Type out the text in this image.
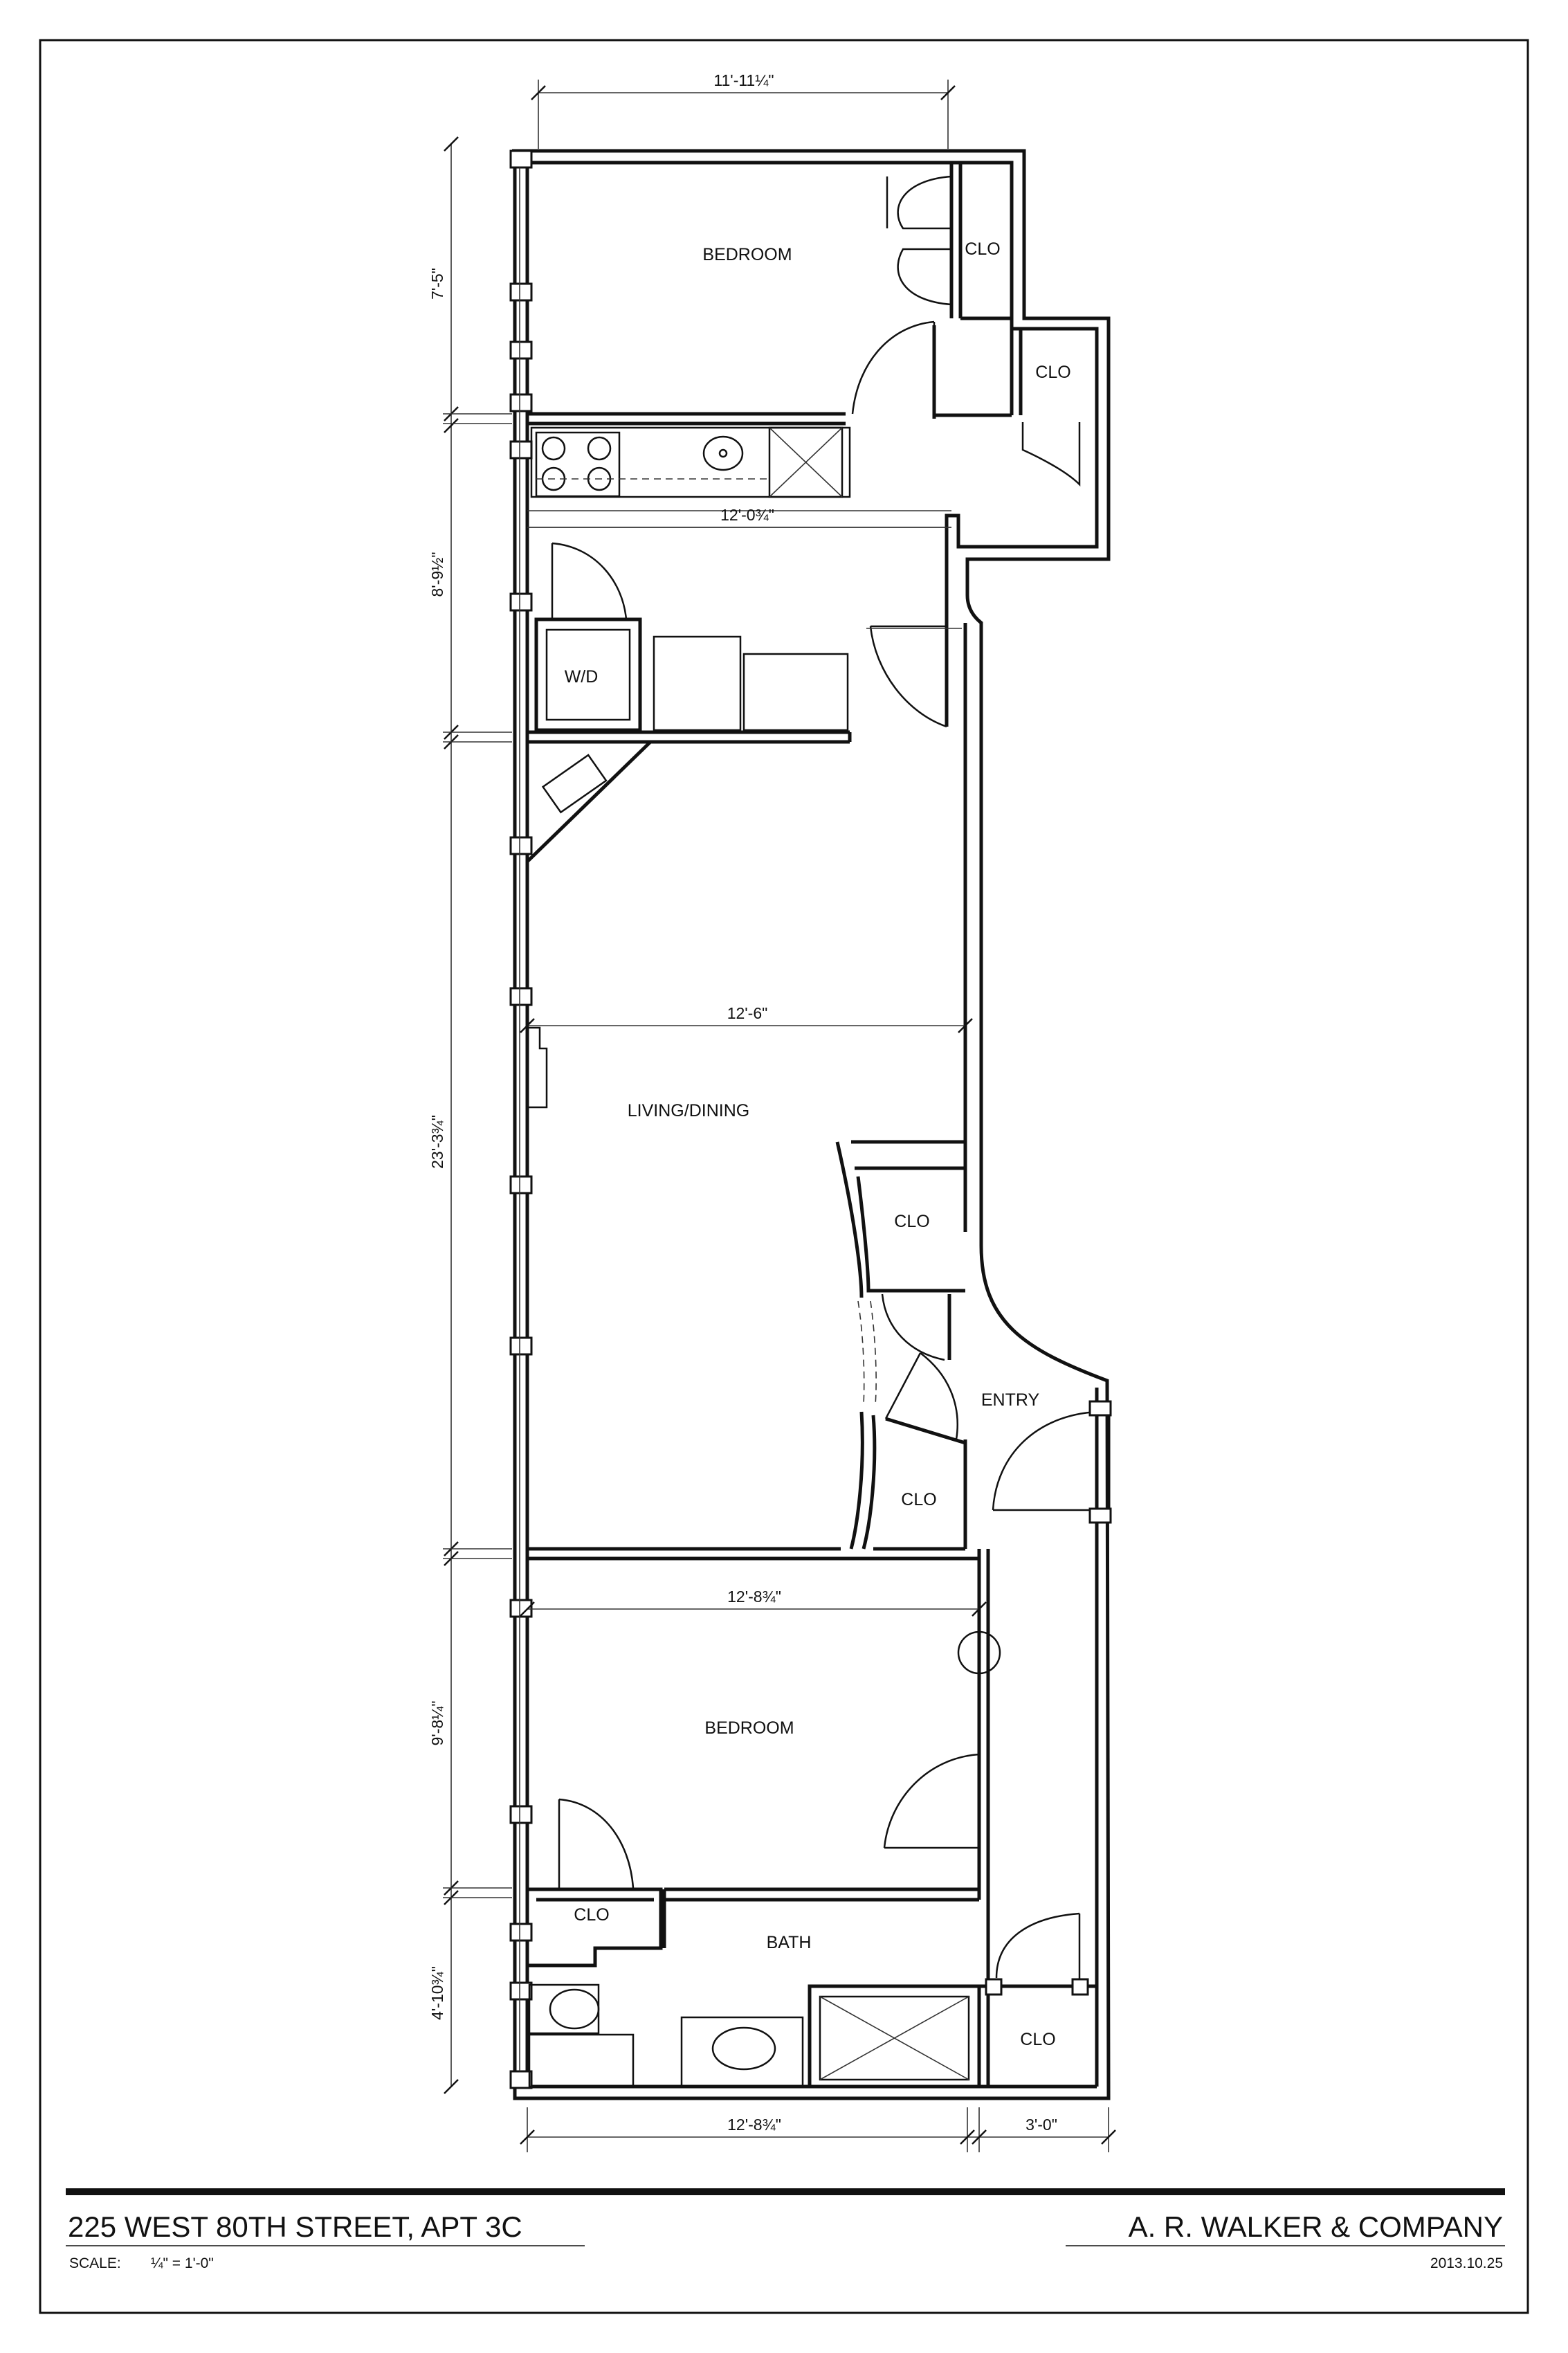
BEDROOM	CLO
CLO
W/D
LIVING/DINING
CLO
ENTRY
CLO
BEDROOM
CLO
BATH
CLO
11'-11¼"
12'-0¾"
12'-6"
12'-8¾"
12'-8¾"	3'-0"
7'-5"
8'-9½"
23'-3¾"
9'-8¼"
4'-10¾"
225 WEST 80TH STREET, APT 3C
SCALE: ¼" = 1'-0"
A. R. WALKER & COMPANY
2013.10.25
